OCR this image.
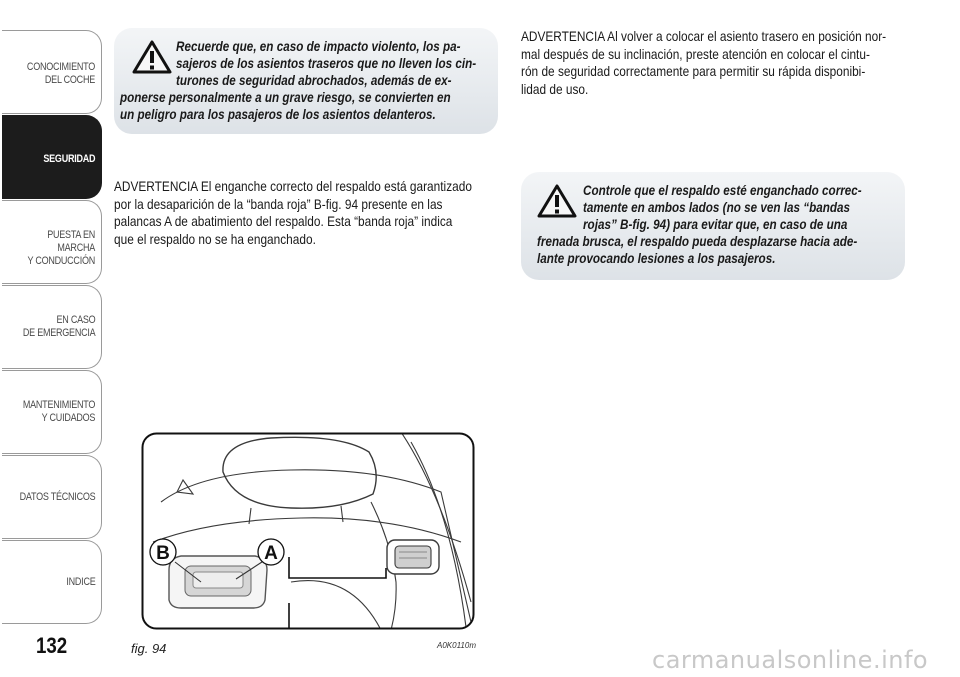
CONOCIMIENTO
DEL COCHE
SEGURIDAD
PUESTA EN MARCHA
Y CONDUCCIÓN
EN CASO
DE EMERGENCIA
MANTENIMIENTO
Y CUIDADOS
DATOS TÉCNICOS
INDICE
132
Recuerde que, en caso de impacto violento, los pa-
sajeros de los asientos traseros que no lleven los cin-
turones de seguridad abrochados, además de ex-
ponerse personalmente a un grave riesgo, se convierten en
un peligro para los pasajeros de los asientos delanteros.
ADVERTENCIA El enganche correcto del respaldo está garantizado
por la desaparición de la “banda roja” B-fig. 94 presente en las
palancas A de abatimiento del respaldo. Esta “banda roja” indica
que el respaldo no se ha enganchado.
ADVERTENCIA Al volver a colocar el asiento trasero en posición nor-
mal después de su inclinación, preste atención en colocar el cintu-
rón de seguridad correctamente para permitir su rápida disponibi-
lidad de uso.
Controle que el respaldo esté enganchado correc-
tamente en ambos lados (no se ven las “bandas
rojas” B-fig. 94) para evitar que, en caso de una
frenada brusca, el respaldo pueda desplazarse hacia ade-
lante provocando lesiones a los pasajeros.
B	A
fig. 94	A0K0110m
carmanualsonline.info
